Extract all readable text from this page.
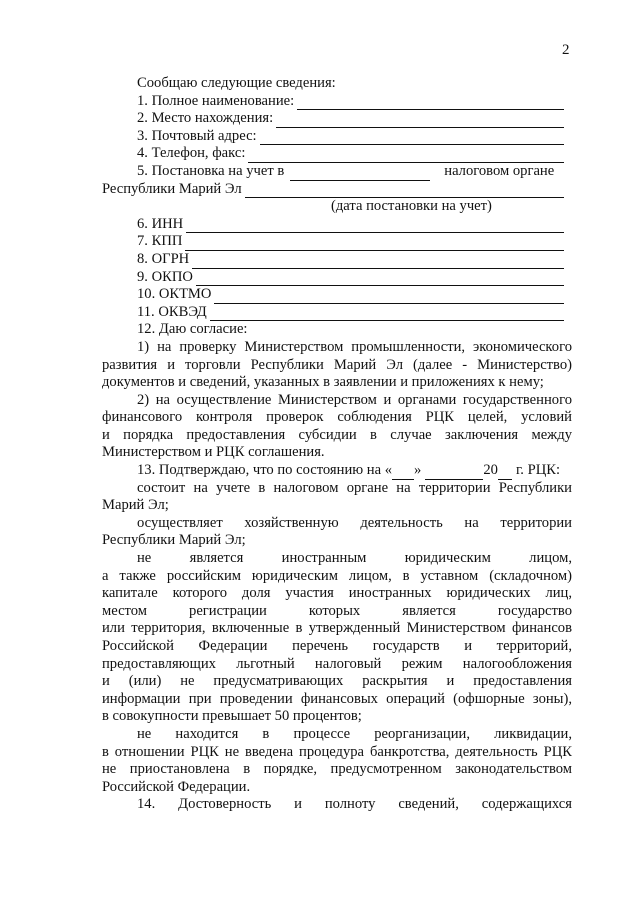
2
Сообщаю следующие сведения:
1. Полное наименование:
2. Место нахождения:
3. Почтовый адрес:
4. Телефон, факс:
5. Постановка на учет в	налоговом органе
Республики Марий Эл
(дата постановки на учет)
6. ИНН
7. КПП
8. ОГРН
9. ОКПО
10. ОКТМО
11. ОКВЭД
12. Даю согласие:
1) на проверку Министерством промышленности, экономического
развития и торговли Республики Марий Эл (далее - Министерство)
документов и сведений, указанных в заявлении и приложениях к нему;
2) на осуществление Министерством и органами государственного
финансового контроля проверок соблюдения РЦК целей, условий
и порядка предоставления субсидии в случае заключения между
Министерством и РЦК соглашения.
13. Подтверждаю, что по состоянию на « »	20 г. РЦК:
состоит на учете в налоговом органе на территории Республики
Марий Эл;
осуществляет хозяйственную деятельность на территории
Республики Марий Эл;
не является иностранным юридическим лицом,
а также российским юридическим лицом, в уставном (складочном)
капитале которого доля участия иностранных юридических лиц,
местом регистрации которых является государство
или территория, включенные в утвержденный Министерством финансов
Российской Федерации перечень государств и территорий,
предоставляющих льготный налоговый режим налогообложения
и (или) не предусматривающих раскрытия и предоставления
информации при проведении финансовых операций (офшорные зоны),
в совокупности превышает 50 процентов;
не находится в процессе реорганизации, ликвидации,
в отношении РЦК не введена процедура банкротства, деятельность РЦК
не приостановлена в порядке, предусмотренном законодательством
Российской Федерации.
14. Достоверность и полноту сведений, содержащихся
